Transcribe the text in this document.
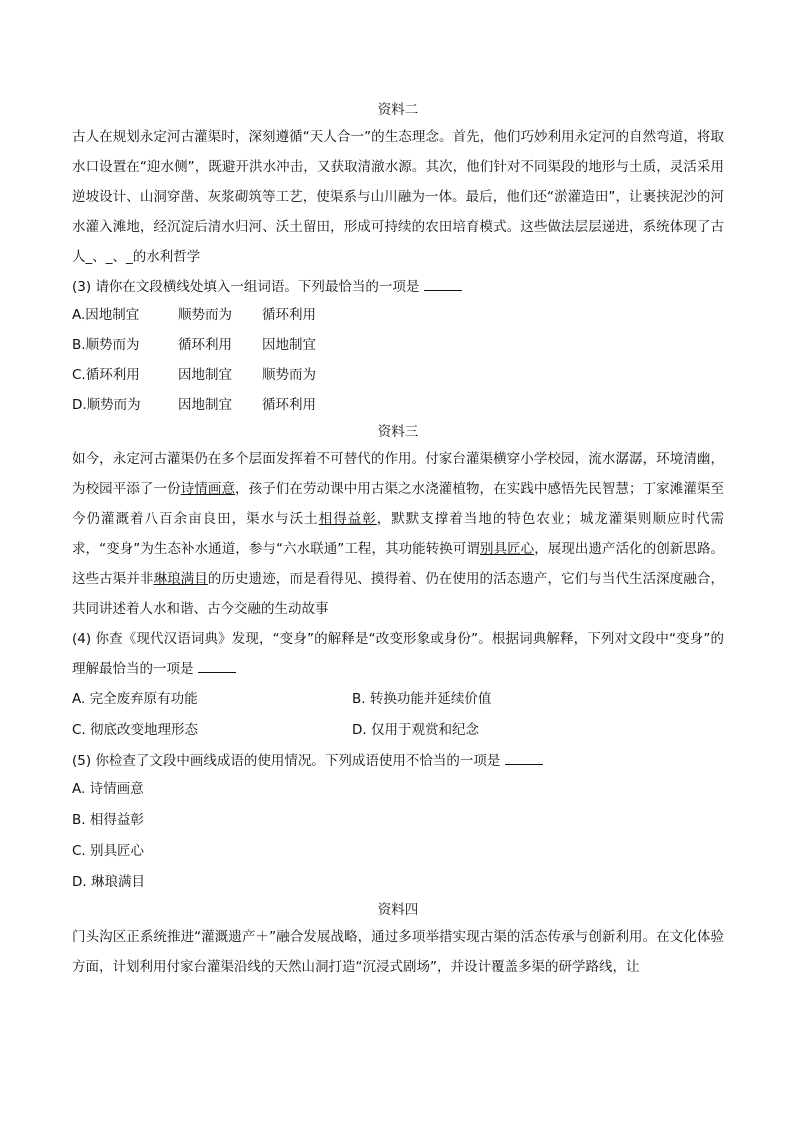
资料二

古人在规划永定河古灌渠时，深刻遵循“天人合一”的生态理念。首先，他们巧妙利用永定河的自然弯道，将取水口设置在“迎水侧”，既避开洪水冲击，又获取清澈水源。其次，他们针对不同渠段的地形与土质，灵活采用逆坡设计、山洞穿凿、灰浆砌筑等工艺，使渠系与山川融为一体。最后，他们还“淤灌造田”，让裹挟泥沙的河水灌入滩地，经沉淀后清水归河、沃土留田，形成可持续的农田培育模式。这些做法层层递进，系统体现了古人_、_、_的水利哲学

(3) 请你在文段横线处填入一组词语。下列最恰当的一项是
A.因地制宜	顺势而为	循环利用
B.顺势而为	循环利用	因地制宜
C.循环利用	因地制宜	顺势而为
D.顺势而为	因地制宜	循环利用
资料三

如今，永定河古灌渠仍在多个层面发挥着不可替代的作用。付家台灌渠横穿小学校园，流水潺潺，环境清幽，为校园平添了一份诗情画意，孩子们在劳动课中用古渠之水浇灌植物，在实践中感悟先民智慧；丁家滩灌渠至今仍灌溉着八百余亩良田，渠水与沃土相得益彰，默默支撑着当地的特色农业；城龙灌渠则顺应时代需求，“变身”为生态补水通道，参与“六水联通”工程，其功能转换可谓别具匠心，展现出遗产活化的创新思路。这些古渠并非琳琅满目的历史遗迹，而是看得见、摸得着、仍在使用的活态遗产，它们与当代生活深度融合，共同讲述着人水和谐、古今交融的生动故事

(4) 你查《现代汉语词典》发现，“变身”的解释是“改变形象或身份”。根据词典解释，下列对文段中“变身”的理解最恰当的一项是

A. 完全废弃原有功能	B. 转换功能并延续价值
C. 彻底改变地理形态	D. 仅用于观赏和纪念
(5) 你检查了文段中画线成语的使用情况。下列成语使用不恰当的一项是
A. 诗情画意
B. 相得益彰
C. 别具匠心
D. 琳琅满目
资料四

门头沟区正系统推进“灌溉遗产＋”融合发展战略，通过多项举措实现古渠的活态传承与创新利用。在文化体验方面，计划利用付家台灌渠沿线的天然山洞打造“沉浸式剧场”，并设计覆盖多渠的研学路线，让
